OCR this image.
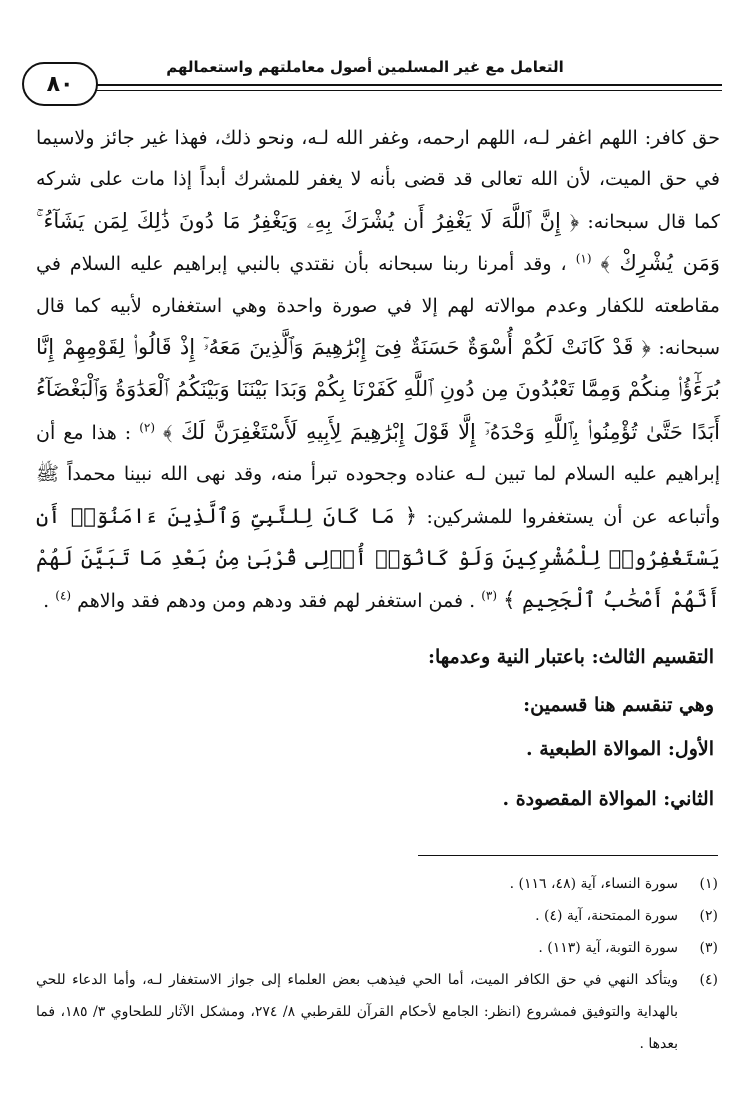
التعامل مع غير المسلمين أصول معاملتهم واستعمالهم
٨٠

حق كافر: اللهم اغفر لـه، اللهم ارحمه، وغفر الله لـه، ونحو ذلك، فهذا غير جائز ولاسيما في حق الميت، لأن الله تعالى قد قضى بأنه لا يغفر للمشرك أبداً إذا مات على شركه كما قال سبحانه: ﴿ إِنَّ ٱللَّهَ لَا يَغْفِرُ أَن يُشْرَكَ بِهِۦ وَيَغْفِرُ مَا دُونَ ذَٰلِكَ لِمَن يَشَآءُ ۚ وَمَن يُشْرِكْ ﴾ $^{(١)}$ ، وقد أمرنا ربنا سبحانه بأن نقتدي بالنبي إبراهيم عليه السلام في مقاطعته للكفار وعدم موالاته لهم إلا في صورة واحدة وهي استغفاره لأبيه كما قال سبحانه: ﴿ قَدْ كَانَتْ لَكُمْ أُسْوَةٌ حَسَنَةٌ فِىٓ إِبْرَٰهِيمَ وَٱلَّذِينَ مَعَهُۥٓ إِذْ قَالُوا۟ لِقَوْمِهِمْ إِنَّا بُرَءَٰٓؤُا۟ مِنكُمْ وَمِمَّا تَعْبُدُونَ مِن دُونِ ٱللَّهِ كَفَرْنَا بِكُمْ وَبَدَا بَيْنَنَا وَبَيْنَكُمُ ٱلْعَدَٰوَةُ وَٱلْبَغْضَآءُ أَبَدًا حَتَّىٰ تُؤْمِنُوا۟ بِٱللَّهِ وَحْدَهُۥٓ إِلَّا قَوْلَ إِبْرَٰهِيمَ لِأَبِيهِ لَأَسْتَغْفِرَنَّ لَكَ ﴾ $^{(٢)}$ : هذا مع أن إبراهيم عليه السلام لما تبين لـه عناده وجحوده تبرأ منه، وقد نهى الله نبينا محمداً ﷺ وأتباعه عن أن يستغفروا للمشركين: ﴿ مَا كَانَ لِلنَّبِىِّ وَٱلَّذِينَ ءَامَنُوٓا۟ أَن يَسْتَغْفِرُوا۟ لِلْمُشْرِكِينَ وَلَوْ كَانُوٓا۟ أُو۟لِى قُرْبَىٰ مِنۢ بَعْدِ مَا تَبَيَّنَ لَهُمْ أَنَّهُمْ أَصْحَٰبُ ٱلْجَحِيمِ ﴾ $^{(٣)}$ . فمن استغفر لهم فقد ودهم ومن ودهم فقد والاهم $^{(٤)}$ .

التقسيم الثالث: باعتبار النية وعدمها:
وهي تنقسم هنا قسمين:
الأول: الموالاة الطبعية .
الثاني: الموالاة المقصودة .
(١)
سورة النساء، آية (٤٨، ١١٦) .
(٢)
سورة الممتحنة، آية (٤) .
(٣)
سورة التوبة، آية (١١٣) .
(٤)
ويتأكد النهي في حق الكافر الميت، أما الحي فيذهب بعض العلماء إلى جواز الاستغفار لـه، وأما الدعاء للحي بالهداية والتوفيق فمشروع (انظر: الجامع لأحكام القرآن للقرطبي ٨/ ٢٧٤، ومشكل الآثار للطحاوي ٣/ ١٨٥، فما بعدها .
